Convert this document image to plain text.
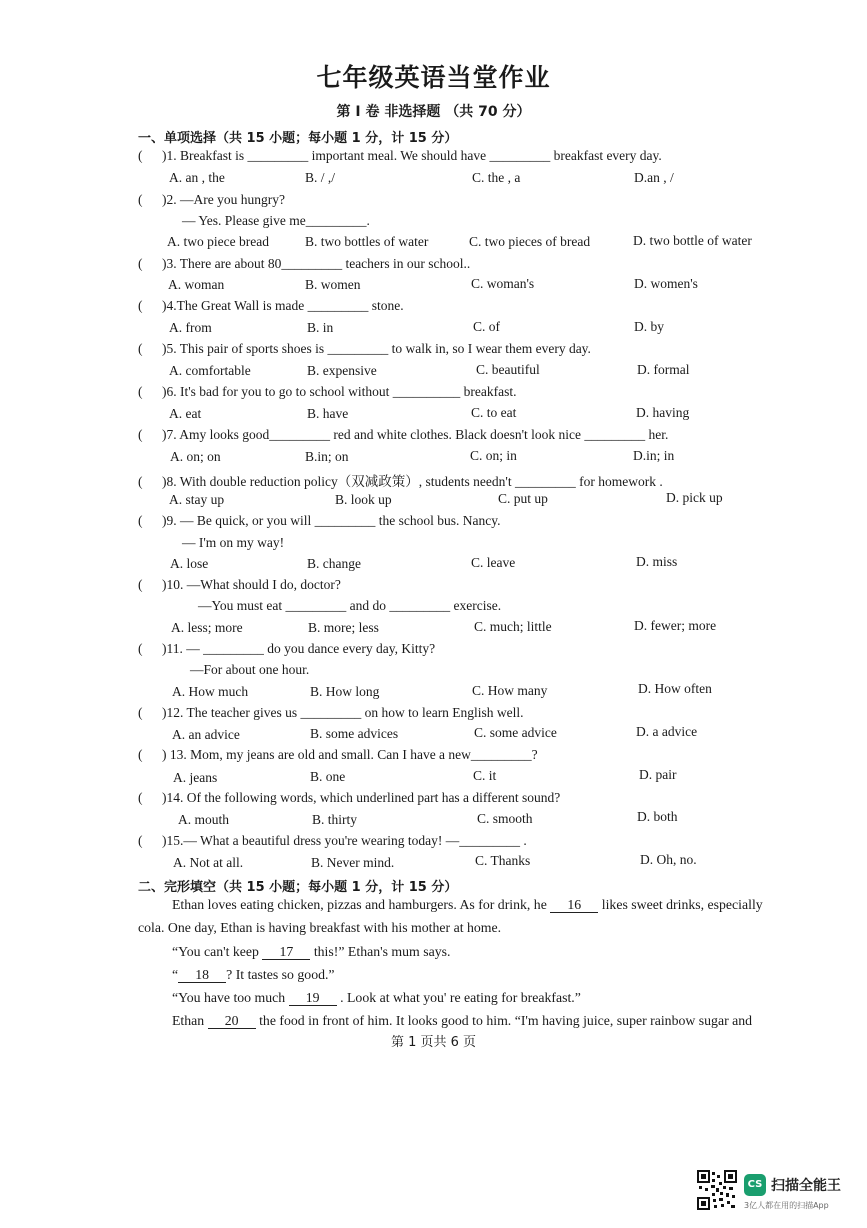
七年级英语当堂作业
第 I 卷 非选择题 （共 70 分）
一、单项选择（共 15 小题；每小题 1 分，计 15 分）
( )1. Breakfast is _________ important meal. We should have _________ breakfast every day.
A. an , the	B. / ,/	C. the , a	D.an , /
( )2. —Are you hungry?
— Yes. Please give me_________.
A. two piece bread	B. two bottles of water	C. two pieces of bread	D. two bottle of water
( )3. There are about 80_________ teachers in our school..
A. woman	B. women	C. woman's	D. women's
( )4.The Great Wall is made _________ stone.
A. from	B. in	C. of	D. by
( )5. This pair of sports shoes is _________ to walk in, so I wear them every day.
A. comfortable	B. expensive	C. beautiful	D. formal
( )6. It's bad for you to go to school without __________ breakfast.
A. eat	B. have	C. to eat	D. having
( )7. Amy looks good_________ red and white clothes. Black doesn't look nice _________ her.
A. on; on	B.in; on	C. on; in	D.in; in
( )8. With double reduction policy（双减政策）, students needn't _________ for homework .
A. stay up	B. look up	C. put up	D. pick up
( )9. — Be quick, or you will _________ the school bus. Nancy.
— I'm on my way!
A. lose	B. change	C. leave	D. miss
( )10. —What should I do, doctor?
—You must eat _________ and do _________ exercise.
A. less; more	B. more; less	C. much; little	D. fewer; more
( )11. — _________ do you dance every day, Kitty?
—For about one hour.
A. How much	B. How long	C. How many	D. How often
( )12. The teacher gives us _________ on how to learn English well.
A. an advice	B. some advices	C. some advice	D. a advice
( ) 13. Mom, my jeans are old and small. Can I have a new_________?
A. jeans	B. one	C. it	D. pair
( )14. Of the following words, which underlined part has a different sound?
A. mouth	B. thirty	C. smooth	D. both
( )15.— What a beautiful dress you're wearing today! —_________ .
A. Not at all.	B. Never mind.	C. Thanks	D. Oh, no.
二、完形填空（共 15 小题；每小题 1 分，计 15 分）
Ethan loves eating chicken, pizzas and hamburgers. As for drink, he 16 likes sweet drinks, especially
cola. One day, Ethan is having breakfast with his mother at home.
“You can't keep 17 this!” Ethan's mum says.
“ 18 ? It tastes so good.”
“You have too much 19 . Look at what you' re eating for breakfast.”
Ethan 20 the food in front of him. It looks good to him. “I'm having juice, super rainbow sugar and
第 1 页共 6 页
CS 扫描全能王
3亿人都在用的扫描App
